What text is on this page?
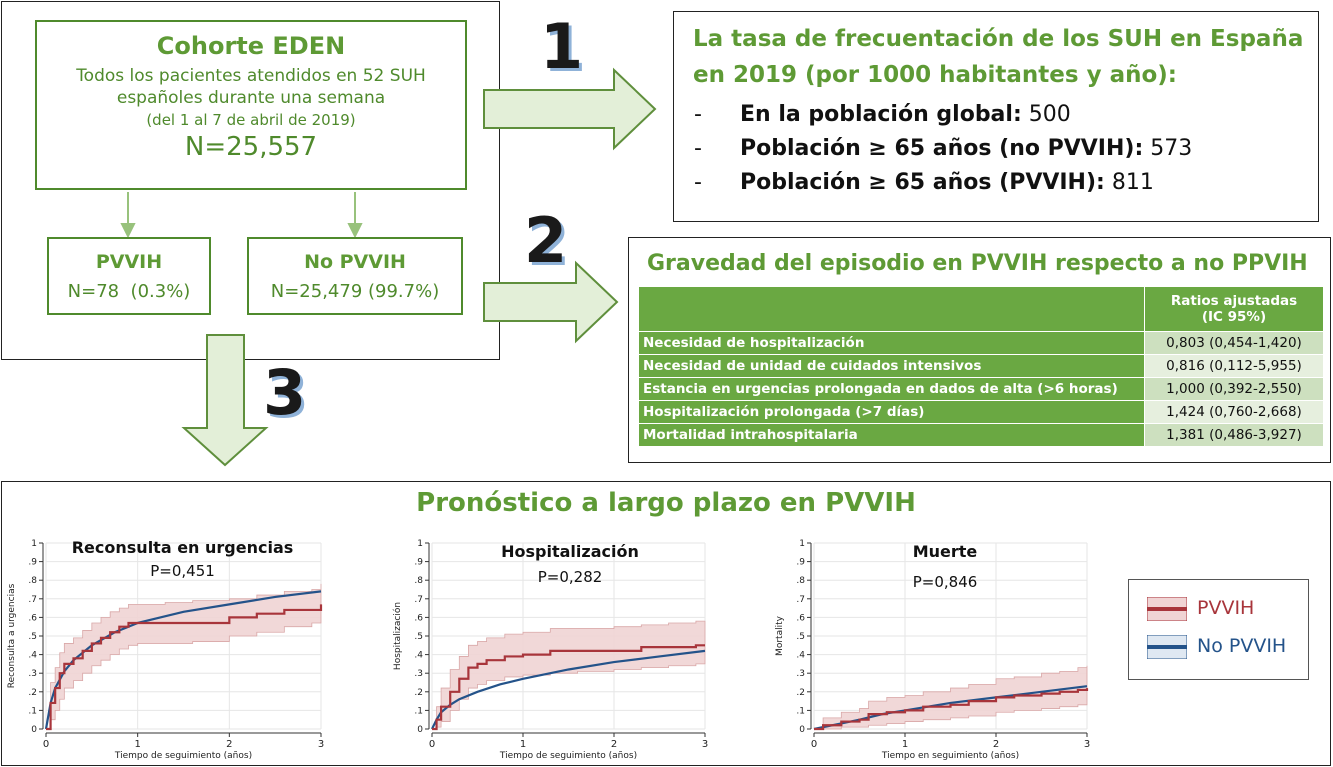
Cohorte EDEN
Todos los pacientes atendidos en 52 SUH
españoles durante una semana
(del 1 al 7 de abril de 2019)
N=25,557
PVVIH
N=78  (0.3%)
No PVVIH
N=25,479 (99.7%)
1
2
3
La tasa de frecuentación de los SUH en España
en 2019 (por 1000 habitantes y año):
- En la población global: 500
- Población ≥ 65 años (no PVVIH): 573
- Población ≥ 65 años (PVVIH): 811
Gravedad del episodio en PVVIH respecto a no PPVIH

	Ratios ajustadas
(IC 95%)

Necesidad de hospitalización	0,803 (0,454-1,420)
Necesidad de unidad de cuidados intensivos	0,816 (0,112-5,955)
Estancia en urgencias prolongada en dados de alta (>6 horas)	1,000 (0,392-2,550)
Hospitalización prolongada (>7 días)	1,424 (0,760-2,668)
Mortalidad intrahospitalaria	1,381 (0,486-3,927)
Pronóstico a largo plazo en PVVIH
0
.1
.2
.3
.4
.5
.6
.7
.8
.9
1
0	1	2	3
Tiempo de seguimiento (años)
Reconsulta a urgencias
0
.1
.2
.3
.4
.5
.6
.7
.8
.9
1
0	1	2	3
Tiempo de seguimiento (años)
Hospitalización
0
.1
.2
.3
.4
.5
.6
.7
.8
.9
1
0	1	2	3
Tiempo en seguimiento (años)
Mortality
Reconsulta en urgencias
P=0,451
Hospitalización
P=0,282
Muerte
P=0,846
PVVIH
No PVVIH
